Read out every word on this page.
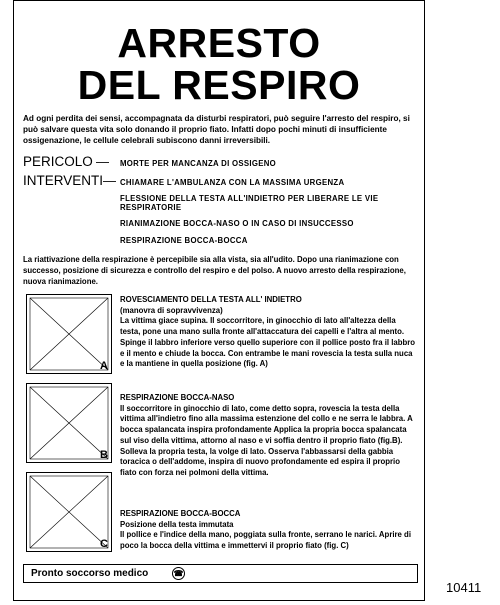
ARRESTO
DEL RESPIRO
Ad ogni perdita dei sensi, accompagnata da disturbi respiratori, può seguire l'arresto del respiro, si può salvare questa vita solo donando il proprio fiato. Infatti dopo pochi minuti di insufficiente ossigenazione, le cellule celebrali subiscono danni irreversibili.
PERICOLO — MORTE PER MANCANZA DI OSSIGENO
INTERVENTI — CHIAMARE L'AMBULANZA CON LA MASSIMA URGENZA
FLESSIONE DELLA TESTA ALL'INDIETRO PER LIBERARE LE VIE RESPIRATORIE
RIANIMAZIONE BOCCA-NASO O IN CASO DI INSUCCESSO
RESPIRAZIONE BOCCA-BOCCA
La riattivazione della respirazione è percepibile sia alla vista, sia all'udito. Dopo una rianimazione con successo, posizione di sicurezza e controllo del respiro e del polso. A nuovo arresto della respirazione, nuova rianimazione.
A
B
C
ROVESCIAMENTO DELLA TESTA ALL' INDIETRO
(manovra di sopravvivenza)
La vittima giace supina. Il soccorritore, in ginocchio di lato all'altezza della testa, pone una mano sulla fronte all'attaccatura dei capelli e l'altra al mento. Spinge il labbro inferiore verso quello superiore con il pollice posto fra il labbro e il mento e chiude la bocca. Con entrambe le mani rovescia la testa sulla nuca e la mantiene in quella posizione (fig. A)
RESPIRAZIONE BOCCA-NASO
Il soccorritore in ginocchio di lato, come detto sopra, rovescia la testa della vittima all'indietro fino alla massima estenzione del collo e ne serra le labbra. A bocca spalancata inspira profondamente Applica la propria bocca spalancata sul viso della vittima, attorno al naso e vi soffia dentro il proprio fiato (fig.B). Solleva la propria testa, la volge di lato. Osserva l'abbassarsi della gabbia toracica o dell'addome, inspira di nuovo profondamente ed espira il proprio fiato con forza nei polmoni della vittima.
RESPIRAZIONE BOCCA-BOCCA
Posizione della testa immutata
Il pollice e l'indice della mano, poggiata sulla fronte, serrano le narici. Aprire di poco la bocca della vittima e immettervi il proprio fiato (fig. C)
Pronto soccorso medico	☎
10411
